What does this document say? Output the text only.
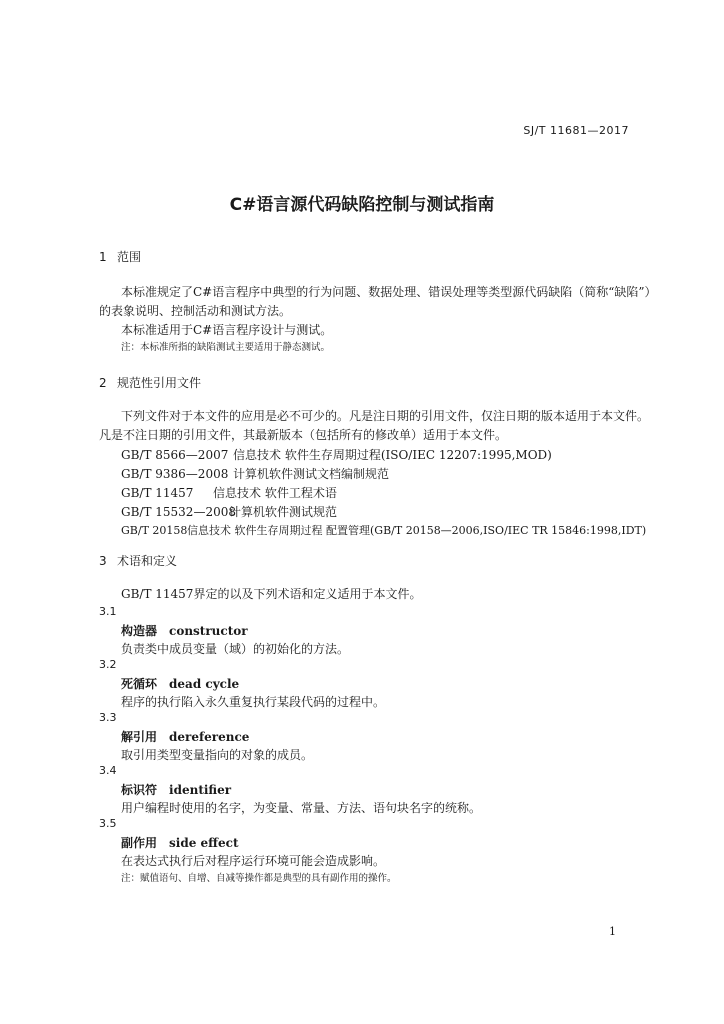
SJ/T 11681—2017
C#语言源代码缺陷控制与测试指南
1 范围
本标准规定了C#语言程序中典型的行为问题、数据处理、错误处理等类型源代码缺陷（简称“缺陷”）
的表象说明、控制活动和测试方法。
本标准适用于C#语言程序设计与测试。
注：本标准所指的缺陷测试主要适用于静态测试。
2 规范性引用文件
下列文件对于本文件的应用是必不可少的。凡是注日期的引用文件，仅注日期的版本适用于本文件。
凡是不注日期的引用文件，其最新版本（包括所有的修改单）适用于本文件。
GB/T 8566—2007 信息技术 软件生存周期过程(ISO/IEC 12207:1995,MOD)
GB/T 9386—2008 计算机软件测试文档编制规范
GB/T 11457 信息技术 软件工程术语
GB/T 15532—2008计算机软件测试规范
GB/T 20158信息技术 软件生存周期过程 配置管理(GB/T 20158—2006,ISO/IEC TR 15846:1998,IDT)
3 术语和定义
GB/T 11457界定的以及下列术语和定义适用于本文件。
3.1
构造器 constructor
负责类中成员变量（域）的初始化的方法。
3.2
死循环 dead cycle
程序的执行陷入永久重复执行某段代码的过程中。
3.3
解引用 dereference
取引用类型变量指向的对象的成员。
3.4
标识符 identifier
用户编程时使用的名字，为变量、常量、方法、语句块名字的统称。
3.5
副作用 side effect
在表达式执行后对程序运行环境可能会造成影响。
注：赋值语句、自增、自减等操作都是典型的具有副作用的操作。
1
